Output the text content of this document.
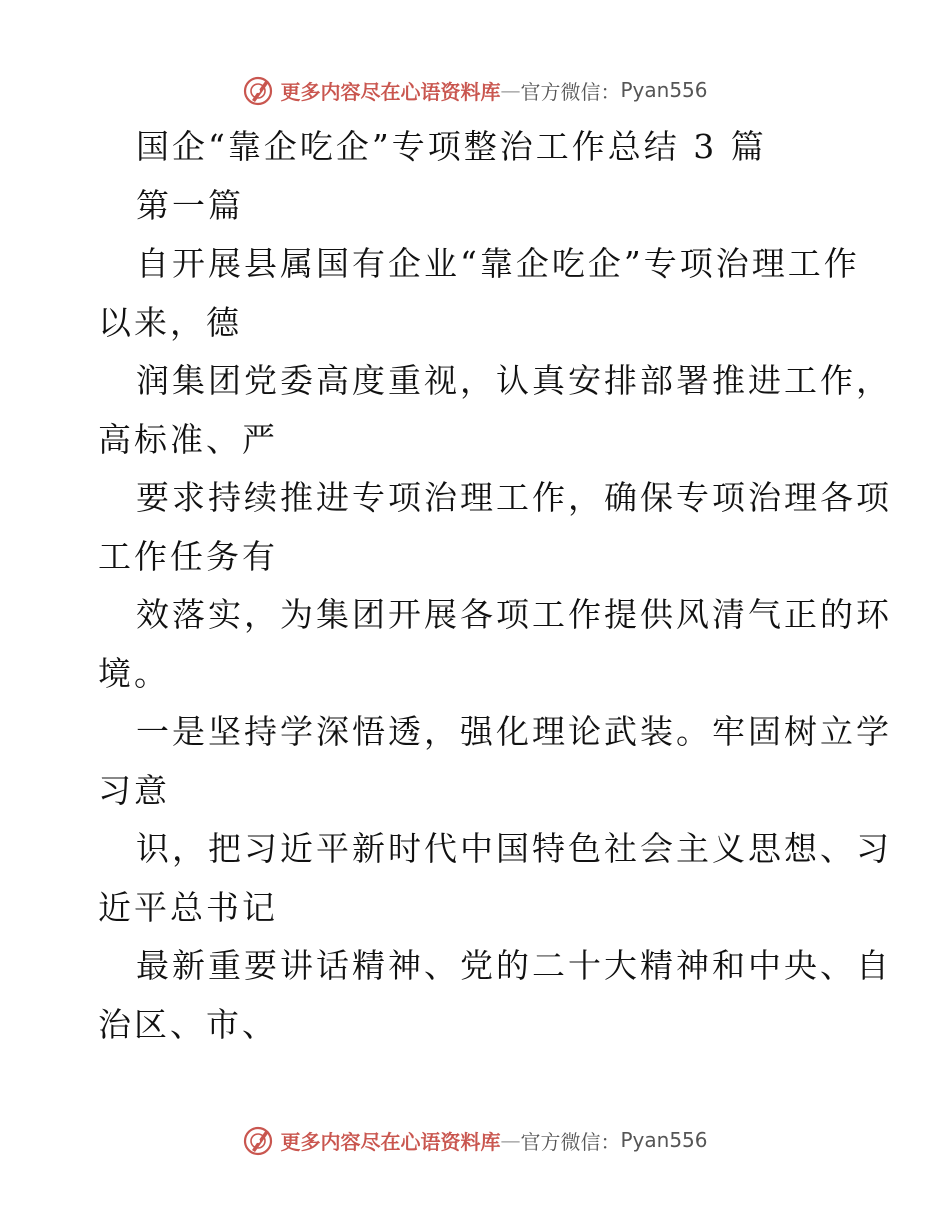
更多内容尽在心语资料库 — 官方微信： Pyan556
国企“靠企吃企”专项整治工作总结 3 篇
第一篇
自开展县属国有企业“靠企吃企”专项治理工作
以来，德
润集团党委高度重视，认真安排部署推进工作，
高标准、严
要求持续推进专项治理工作，确保专项治理各项
工作任务有
效落实，为集团开展各项工作提供风清气正的环
境。
一是坚持学深悟透，强化理论武装。牢固树立学
习意
识，把习近平新时代中国特色社会主义思想、习
近平总书记
最新重要讲话精神、党的二十大精神和中央、自
治区、市、
更多内容尽在心语资料库 — 官方微信： Pyan556
